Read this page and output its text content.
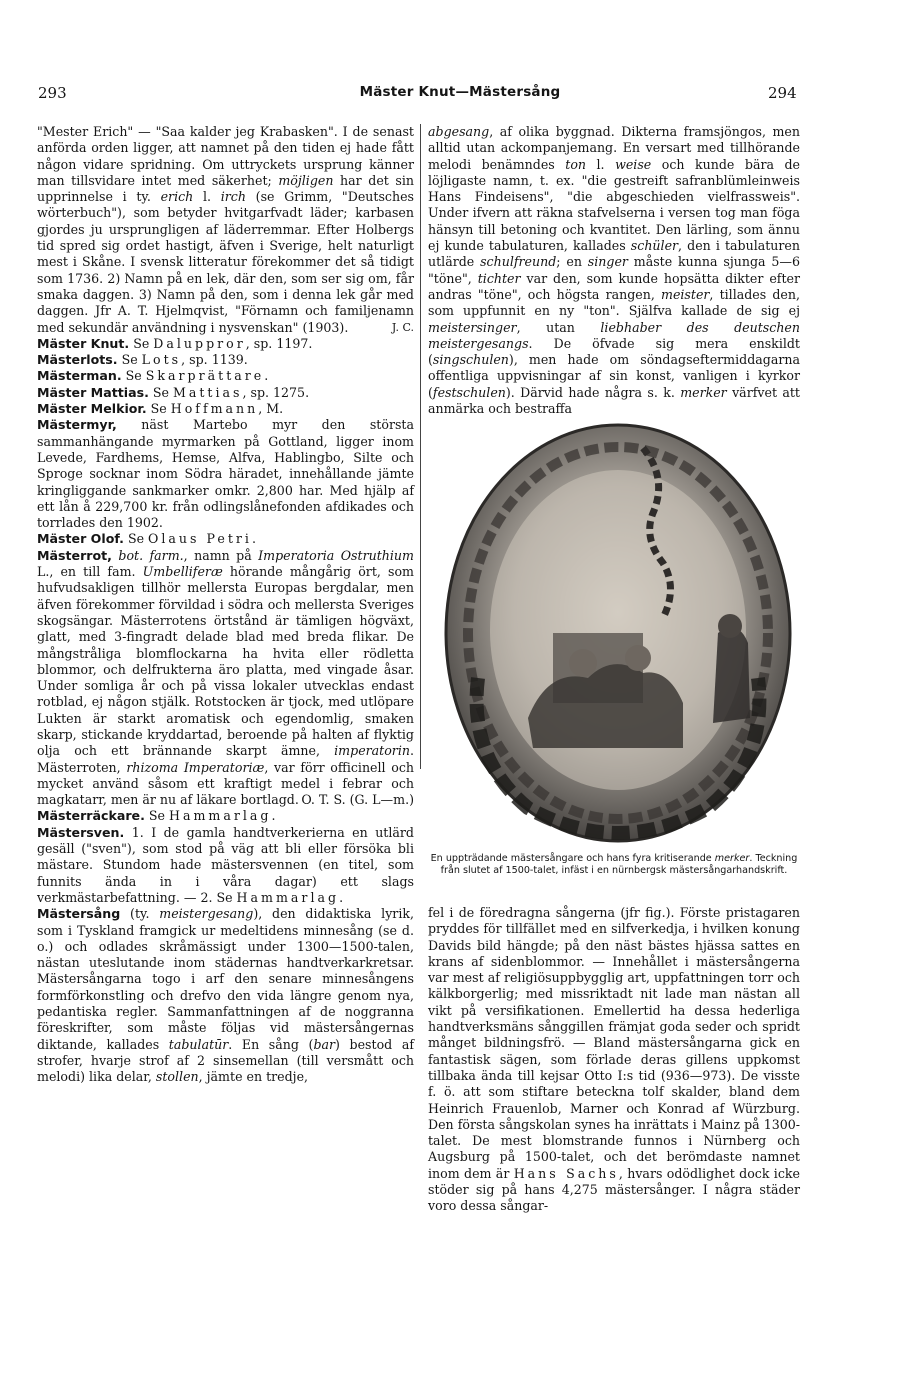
293	Mäster Knut—Mästersång	294

"Mester Erich" — "Saa kalder jeg Krabasken". I de senast anförda orden ligger, att namnet på den tiden ej hade fått någon vidare spridning. Om uttryckets ursprung känner man tillsvidare intet med säkerhet; möjligen har det sin upprinnelse i ty. erich l. irch (se Grimm, "Deutsches wörterbuch"), som betyder hvitgarfvadt läder; karbasen gjordes ju ursprungligen af läderremmar. Efter Holbergs tid spred sig ordet hastigt, äfven i Sverige, helt naturligt mest i Skåne. I svensk litteratur förekommer det så tidigt som 1736. 2) Namn på en lek, där den, som ser sig om, får smaka daggen. 3) Namn på den, som i denna lek går med daggen. Jfr A. T. Hjelmqvist, "Förnamn och familjenamn med sekundär användning i nysvenskan" (1903).	J. C.

Mäster Knut. Se Daluppror, sp. 1197.

Mästerlots. Se Lots, sp. 1139.

Mästerman. Se Skarprättare.

Mäster Mattias. Se Mattias, sp. 1275.

Mäster Melkior. Se Hoffmann, M.

Mästermyr, näst Martebo myr den största sammanhängande myrmarken på Gottland, ligger inom Levede, Fardhems, Hemse, Alfva, Hablingbo, Silte och Sproge socknar inom Södra häradet, innehållande jämte kringliggande sankmarker omkr. 2,800 har. Med hjälp af ett lån å 229,700 kr. från odlingslånefonden afdikades och torrlades den 1902.

Mäster Olof. Se Olaus Petri.

Mästerrot, bot. farm., namn på Imperatoria Ostruthium L., en till fam. Umbelliferæ hörande mångårig ört, som hufvudsakligen tillhör mellersta Europas bergdalar, men äfven förekommer förvildad i södra och mellersta Sveriges skogsängar. Mästerrotens örtstånd är tämligen högväxt, glatt, med 3-fingradt delade blad med breda flikar. De mångstråliga blomflockarna ha hvita eller rödletta blommor, och delfrukterna äro platta, med vingade åsar. Under somliga år och på vissa lokaler utvecklas endast rotblad, ej någon stjälk. Rotstocken är tjock, med utlöpare Lukten är starkt aromatisk och egendomlig, smaken skarp, stickande kryddartad, beroende på halten af flyktig olja och ett brännande skarpt ämne, imperatorin. Mästerroten, rhizoma Imperatoriæ, var förr officinell och mycket använd såsom ett kraftigt medel i febrar och magkatarr, men är nu af läkare bortlagd. O. T. S. (G. L—m.)

Mästerräckare. Se Hammarlag.

Mästersven. 1. I de gamla handtverkerierna en utlärd gesäll ("sven"), som stod på väg att bli eller försöka bli mästare. Stundom hade mästersvennen (en titel, som funnits ända in i våra dagar) ett slags verkmästarbefattning. — 2. Se Hammarlag.

Mästersång (ty. meistergesang), den didaktiska lyrik, som i Tyskland framgick ur medeltidens minnesång (se d. o.) och odlades skråmässigt under 1300—1500-talen, nästan uteslutande inom städernas handtverkarkretsar. Mästersångarna togo i arf den senare minnesångens formförkonstling och drefvo den vida längre genom nya, pedantiska regler. Sammanfattningen af de noggranna föreskrifter, som måste följas vid mästersångernas diktande, kallades tabulatūr. En sång (bar) bestod af strofer, hvarje strof af 2 sinsemellan (till versmått och melodi) lika delar, stollen, jämte en tredje,

abgesang, af olika byggnad. Dikterna framsjöngos, men alltid utan ackompanjemang. En versart med tillhörande melodi benämndes ton l. weise och kunde bära de löjligaste namn, t. ex. "die gestreift safranblümleinweis Hans Findeisens", "die abgeschieden vielfrassweis". Under ifvern att räkna stafvelserna i versen tog man föga hänsyn till betoning och kvantitet. Den lärling, som ännu ej kunde tabulaturen, kallades schüler, den i tabulaturen utlärde schulfreund; en singer måste kunna sjunga 5—6 "töne", tichter var den, som kunde hopsätta dikter efter andras "töne", och högsta rangen, meister, tillades den, som uppfunnit en ny "ton". Själfva kallade de sig ej meistersinger, utan liebhaber des deutschen meistergesangs. De öfvade sig mera enskildt (singschulen), men hade om söndagseftermiddagarna offentliga uppvisningar af sin konst, vanligen i kyrkor (festschulen). Därvid hade några s. k. merker värfvet att anmärka och bestraffa

En uppträdande mästersångare och hans fyra kritiserande merker. Teckning från slutet af 1500-talet, infäst i en nürnbergsk mästersångarhandskrift.

fel i de föredragna sångerna (jfr fig.). Förste pristagaren pryddes för tillfället med en silfverkedja, i hvilken konung Davids bild hängde; på den näst bästes hjässa sattes en krans af sidenblommor. — Innehållet i mästersångerna var mest af religiösuppbygglig art, uppfattningen torr och kälkborgerlig; med missriktadt nit lade man nästan all vikt på versifikationen. Emellertid ha dessa hederliga handtverksmäns sånggillen främjat goda seder och spridt månget bildningsfrö. — Bland mästersångarna gick en fantastisk sägen, som förlade deras gillens uppkomst tillbaka ända till kejsar Otto I:s tid (936—973). De visste f. ö. att som stiftare beteckna tolf skalder, bland dem Heinrich Frauenlob, Marner och Konrad af Würzburg. Den första sångskolan synes ha inrättats i Mainz på 1300-talet. De mest blomstrande funnos i Nürnberg och Augsburg på 1500-talet, och det berömdaste namnet inom dem är Hans Sachs, hvars odödlighet dock icke stöder sig på hans 4,275 mästersånger. I några städer voro dessa sångar-
